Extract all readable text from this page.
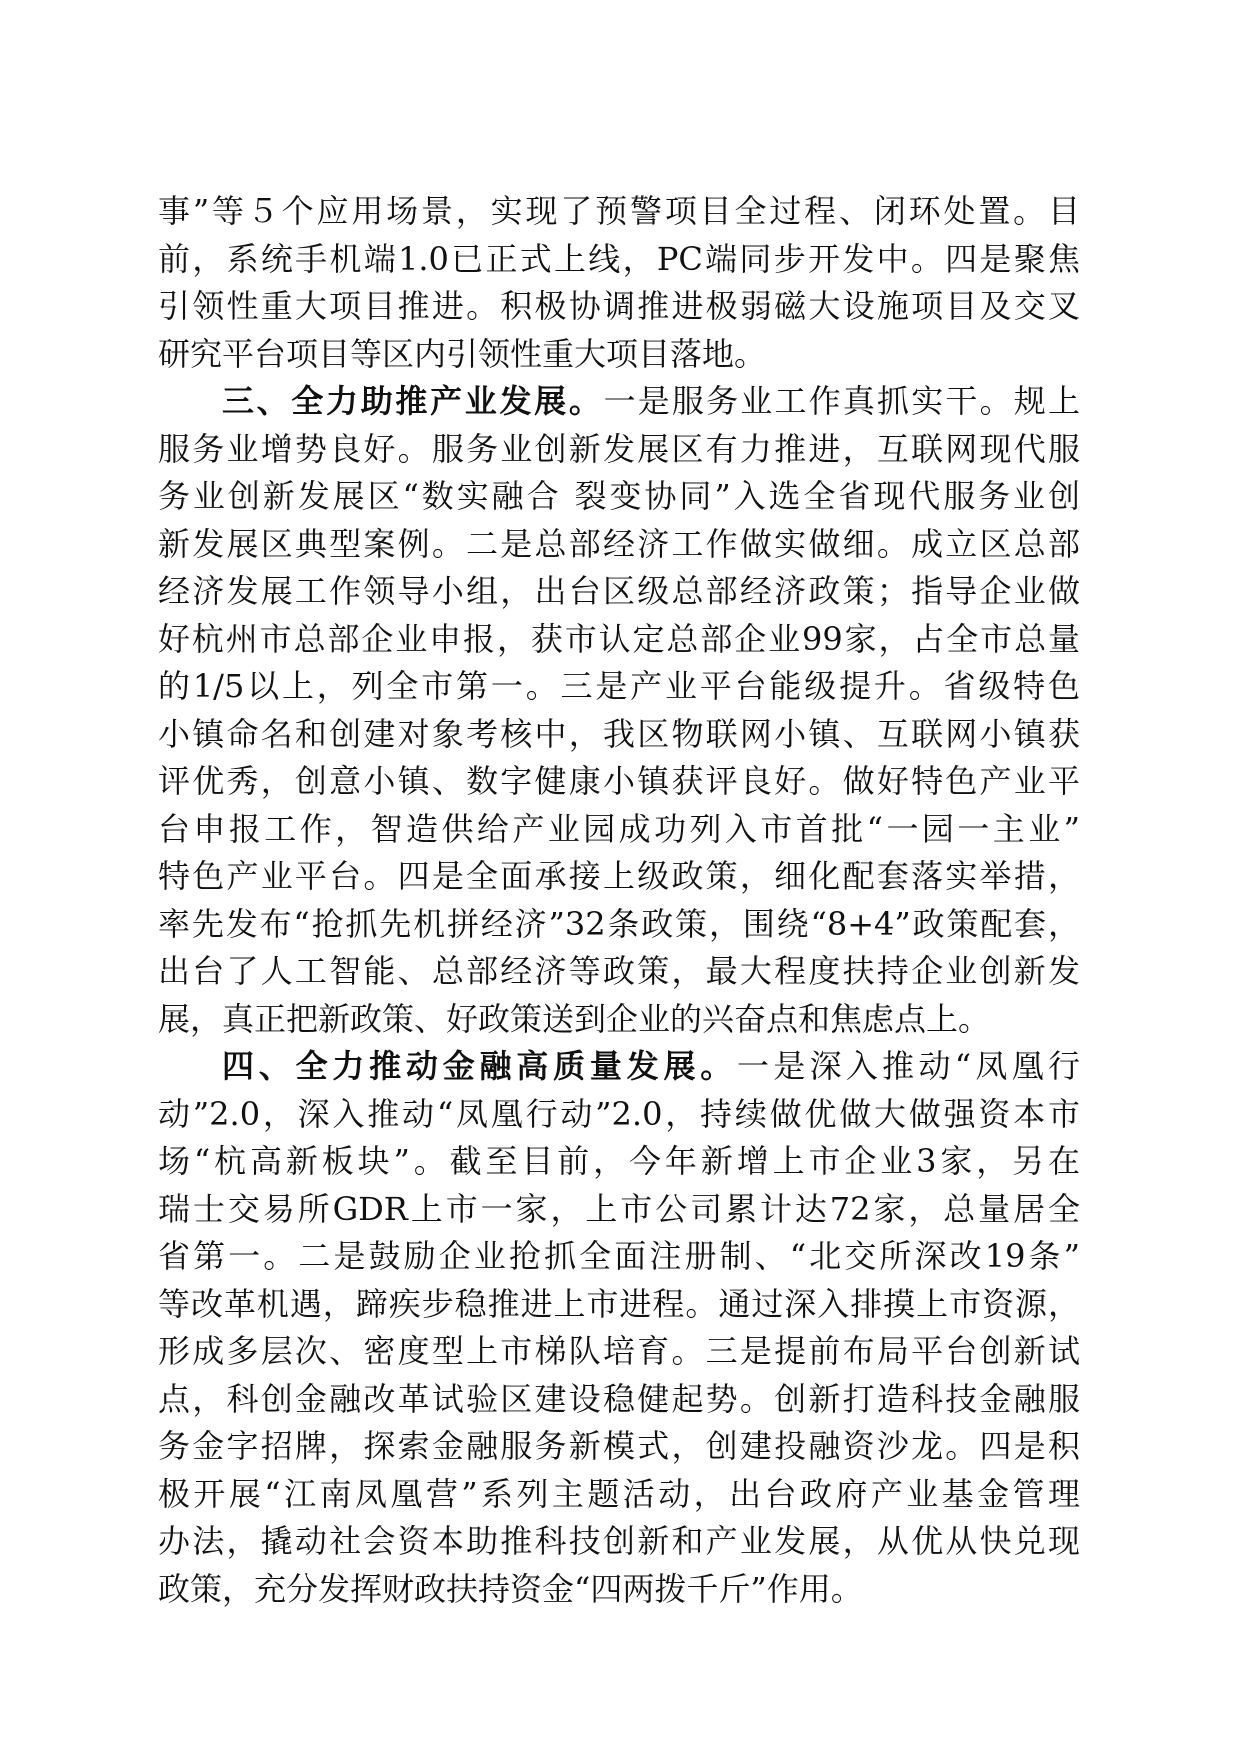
事”等５个应用场景，实现了预警项目全过程、闭环处置。目
前，系统手机端1.0已正式上线，PC端同步开发中。四是聚焦
引领性重大项目推进。积极协调推进极弱磁大设施项目及交叉
研究平台项目等区内引领性重大项目落地。
三、全力助推产业发展。一是服务业工作真抓实干。规上
服务业增势良好。服务业创新发展区有力推进，互联网现代服
务业创新发展区“数实融合 裂变协同”入选全省现代服务业创
新发展区典型案例。二是总部经济工作做实做细。成立区总部
经济发展工作领导小组，出台区级总部经济政策；指导企业做
好杭州市总部企业申报，获市认定总部企业99家，占全市总量
的1/5以上，列全市第一。三是产业平台能级提升。省级特色
小镇命名和创建对象考核中，我区物联网小镇、互联网小镇获
评优秀，创意小镇、数字健康小镇获评良好。做好特色产业平
台申报工作，智造供给产业园成功列入市首批“一园一主业”
特色产业平台。四是全面承接上级政策，细化配套落实举措，
率先发布“抢抓先机拼经济”32条政策，围绕“8+4”政策配套，
出台了人工智能、总部经济等政策，最大程度扶持企业创新发
展，真正把新政策、好政策送到企业的兴奋点和焦虑点上。
四、全力推动金融高质量发展。一是深入推动“凤凰行
动”2.0，深入推动“凤凰行动”2.0，持续做优做大做强资本市
场“杭高新板块”。截至目前，今年新增上市企业3家，另在
瑞士交易所GDR上市一家，上市公司累计达72家，总量居全
省第一。二是鼓励企业抢抓全面注册制、“北交所深改19条”
等改革机遇，蹄疾步稳推进上市进程。通过深入排摸上市资源，
形成多层次、密度型上市梯队培育。三是提前布局平台创新试
点，科创金融改革试验区建设稳健起势。创新打造科技金融服
务金字招牌，探索金融服务新模式，创建投融资沙龙。四是积
极开展“江南凤凰营”系列主题活动，出台政府产业基金管理
办法，撬动社会资本助推科技创新和产业发展，从优从快兑现
政策，充分发挥财政扶持资金“四两拨千斤”作用。
